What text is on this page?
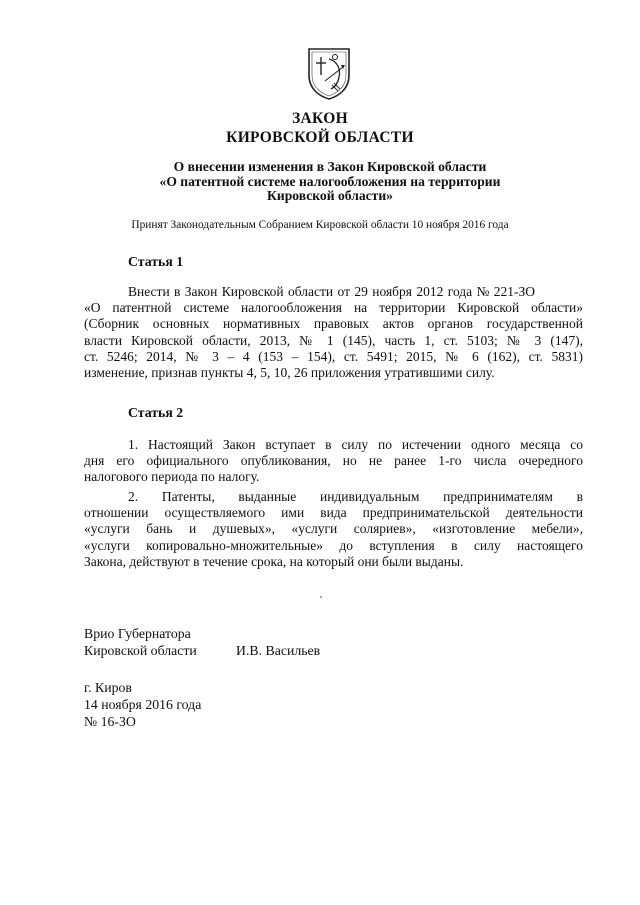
ЗАКОН
КИРОВСКОЙ ОБЛАСТИ
О внесении изменения в Закон Кировской области
«О патентной системе налогообложения на территории
Кировской области»
Принят Законодательным Собранием Кировской области 10 ноября 2016 года
Статья 1
Внести в Закон Кировской области от 29 ноября 2012 года № 221-ЗО
«О патентной системе налогообложения на территории Кировской области»
(Сборник основных нормативных правовых актов органов государственной
власти Кировской области, 2013, № 1 (145), часть 1, ст. 5103; № 3 (147),
ст. 5246; 2014, № 3 – 4 (153 – 154), ст. 5491; 2015, № 6 (162), ст. 5831)
изменение, признав пункты 4, 5, 10, 26 приложения утратившими силу.
Статья 2
1. Настоящий Закон вступает в силу по истечении одного месяца со
дня его официального опубликования, но не ранее 1-го числа очередного
налогового периода по налогу.
2. Патенты, выданные индивидуальным предпринимателям в
отношении осуществляемого ими вида предпринимательской деятельности
«услуги бань и душевых», «услуги соляриев», «изготовление мебели»,
«услуги копировально-множительные» до вступления в силу настоящего
Закона, действуют в течение срока, на который они были выданы.
Врио Губернатора
Кировской области	И.В. Васильев
г. Киров
14 ноября 2016 года
№ 16-ЗО
